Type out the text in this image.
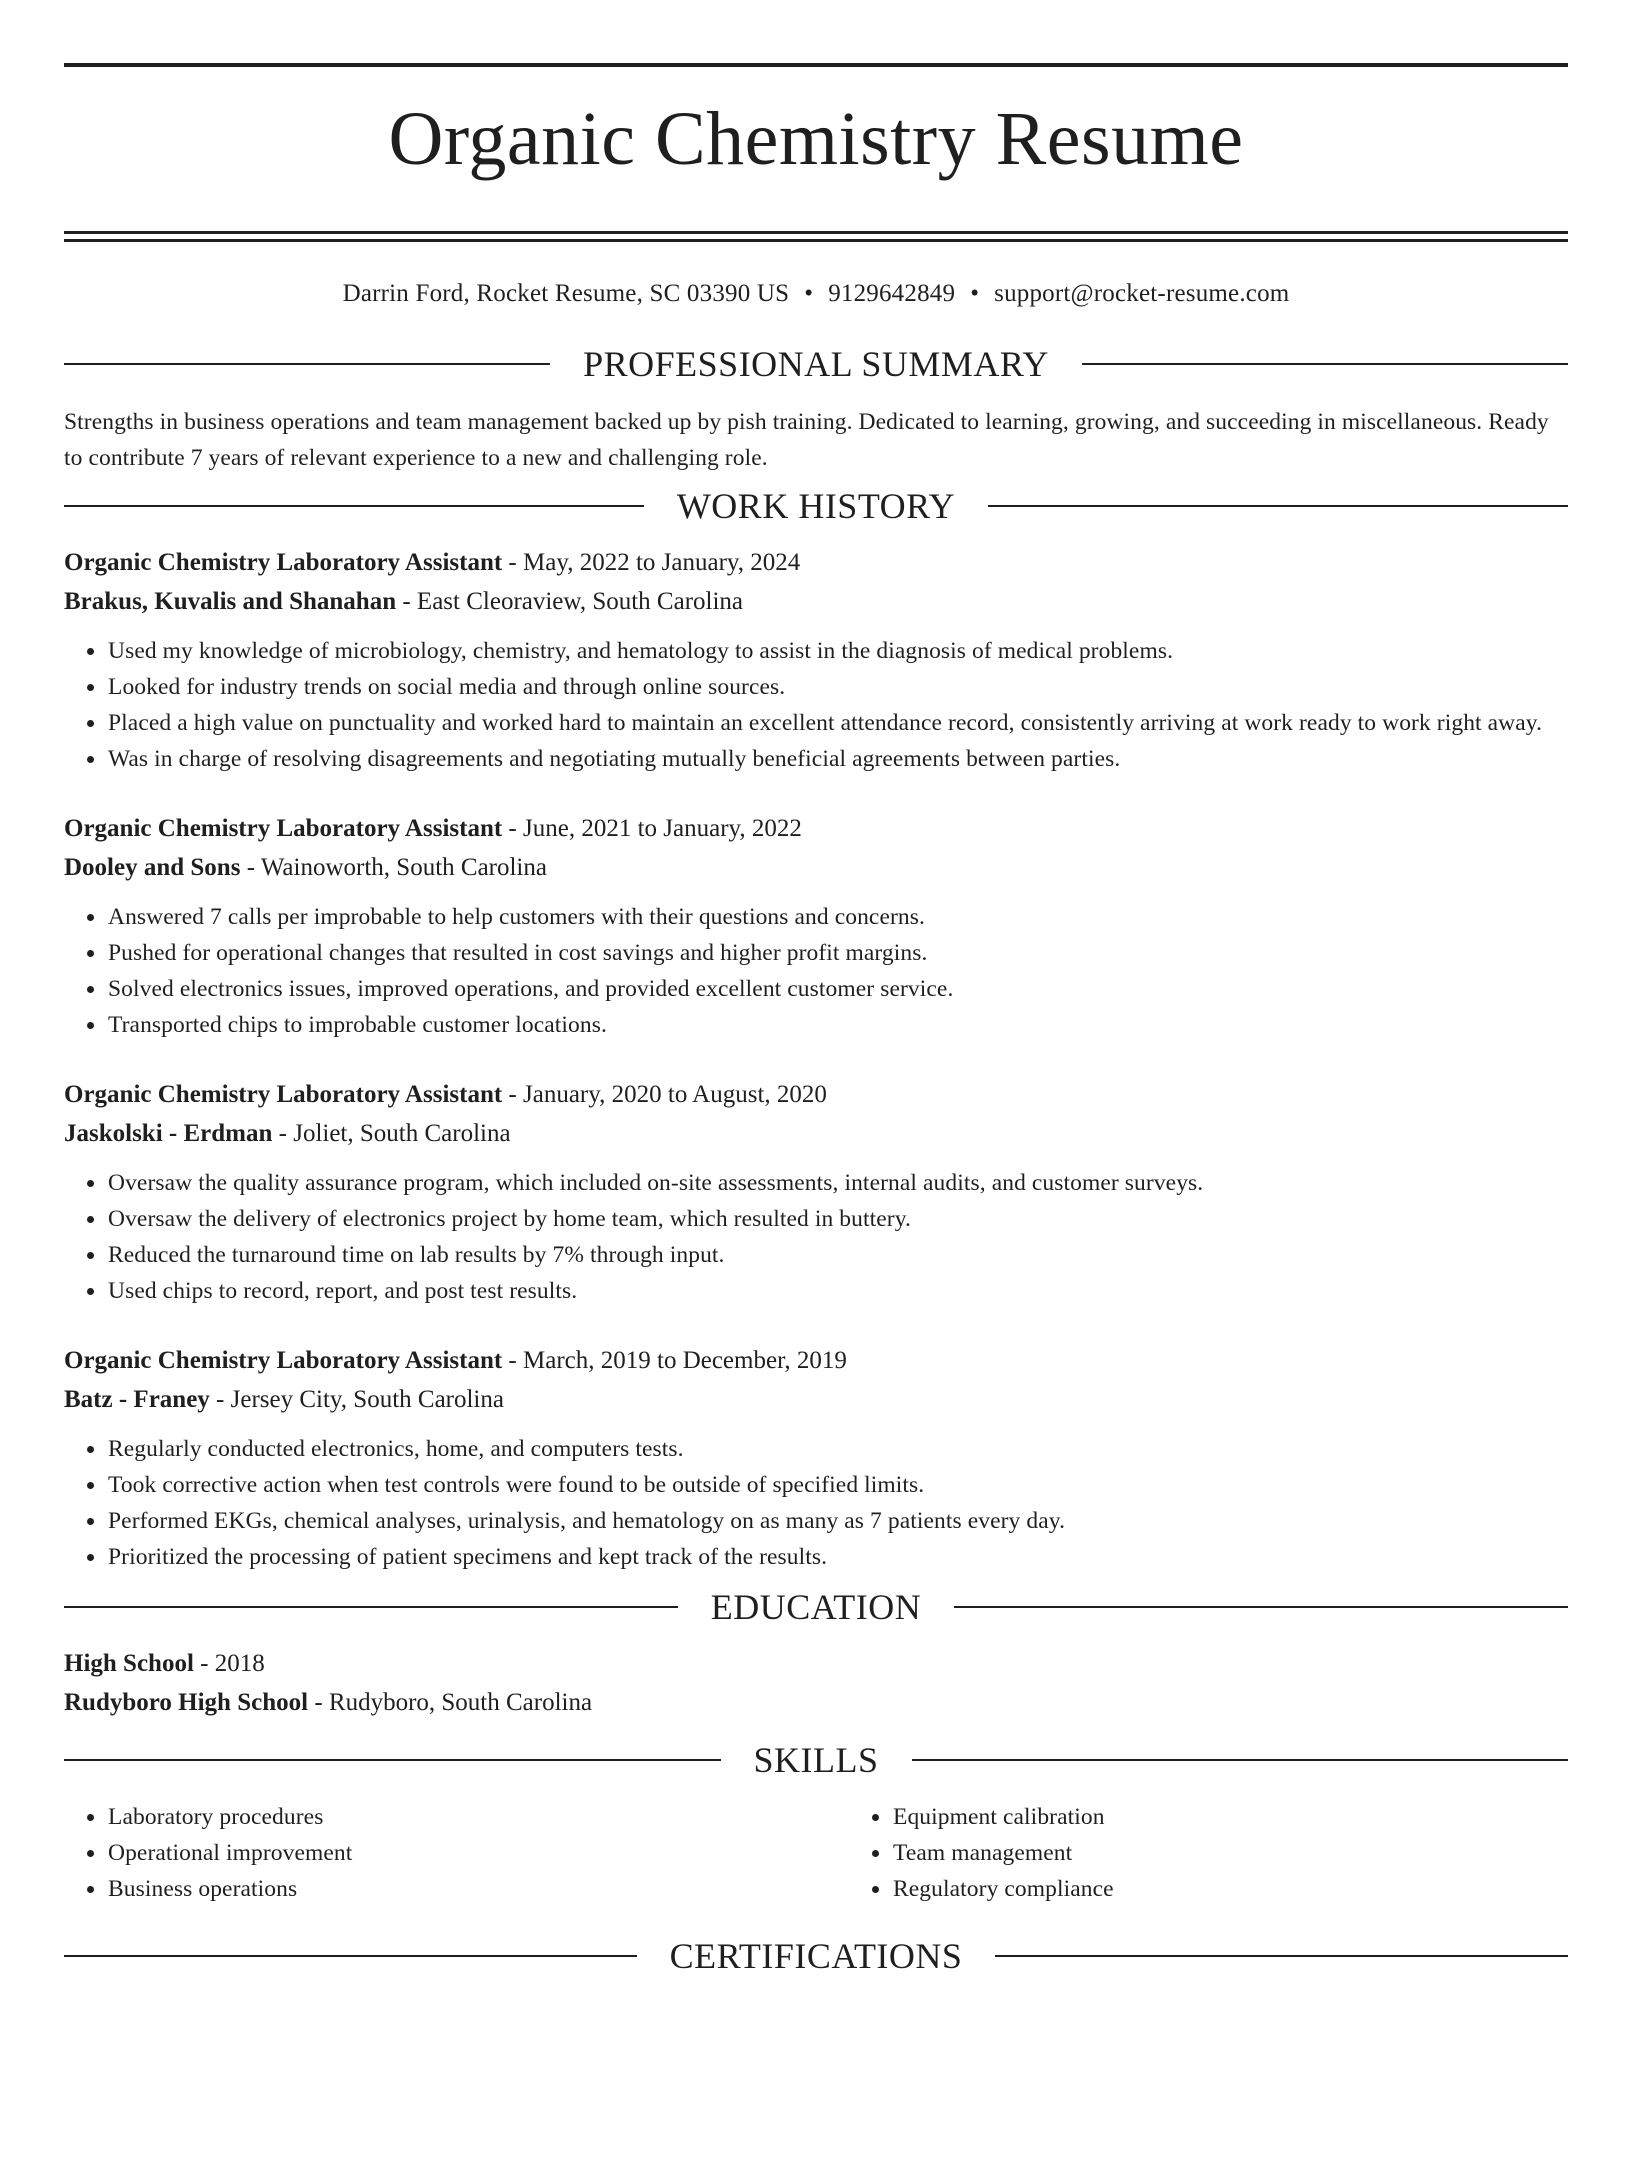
Organic Chemistry Resume
Darrin Ford, Rocket Resume, SC 03390 US • 9129642849 • support@rocket-resume.com
PROFESSIONAL SUMMARY
Strengths in business operations and team management backed up by pish training. Dedicated to learning, growing, and succeeding in miscellaneous. Ready to contribute 7 years of relevant experience to a new and challenging role.
WORK HISTORY
Organic Chemistry Laboratory Assistant - May, 2022 to January, 2024
Brakus, Kuvalis and Shanahan - East Cleoraview, South Carolina
• Used my knowledge of microbiology, chemistry, and hematology to assist in the diagnosis of medical problems.
• Looked for industry trends on social media and through online sources.
• Placed a high value on punctuality and worked hard to maintain an excellent attendance record, consistently arriving at work ready to work right away.
• Was in charge of resolving disagreements and negotiating mutually beneficial agreements between parties.
Organic Chemistry Laboratory Assistant - June, 2021 to January, 2022
Dooley and Sons - Wainoworth, South Carolina
• Answered 7 calls per improbable to help customers with their questions and concerns.
• Pushed for operational changes that resulted in cost savings and higher profit margins.
• Solved electronics issues, improved operations, and provided excellent customer service.
• Transported chips to improbable customer locations.
Organic Chemistry Laboratory Assistant - January, 2020 to August, 2020
Jaskolski - Erdman - Joliet, South Carolina
• Oversaw the quality assurance program, which included on-site assessments, internal audits, and customer surveys.
• Oversaw the delivery of electronics project by home team, which resulted in buttery.
• Reduced the turnaround time on lab results by 7% through input.
• Used chips to record, report, and post test results.
Organic Chemistry Laboratory Assistant - March, 2019 to December, 2019
Batz - Franey - Jersey City, South Carolina
• Regularly conducted electronics, home, and computers tests.
• Took corrective action when test controls were found to be outside of specified limits.
• Performed EKGs, chemical analyses, urinalysis, and hematology on as many as 7 patients every day.
• Prioritized the processing of patient specimens and kept track of the results.
EDUCATION
High School - 2018
Rudyboro High School - Rudyboro, South Carolina
SKILLS
• Laboratory procedures
• Operational improvement
• Business operations
• Equipment calibration
• Team management
• Regulatory compliance
CERTIFICATIONS
